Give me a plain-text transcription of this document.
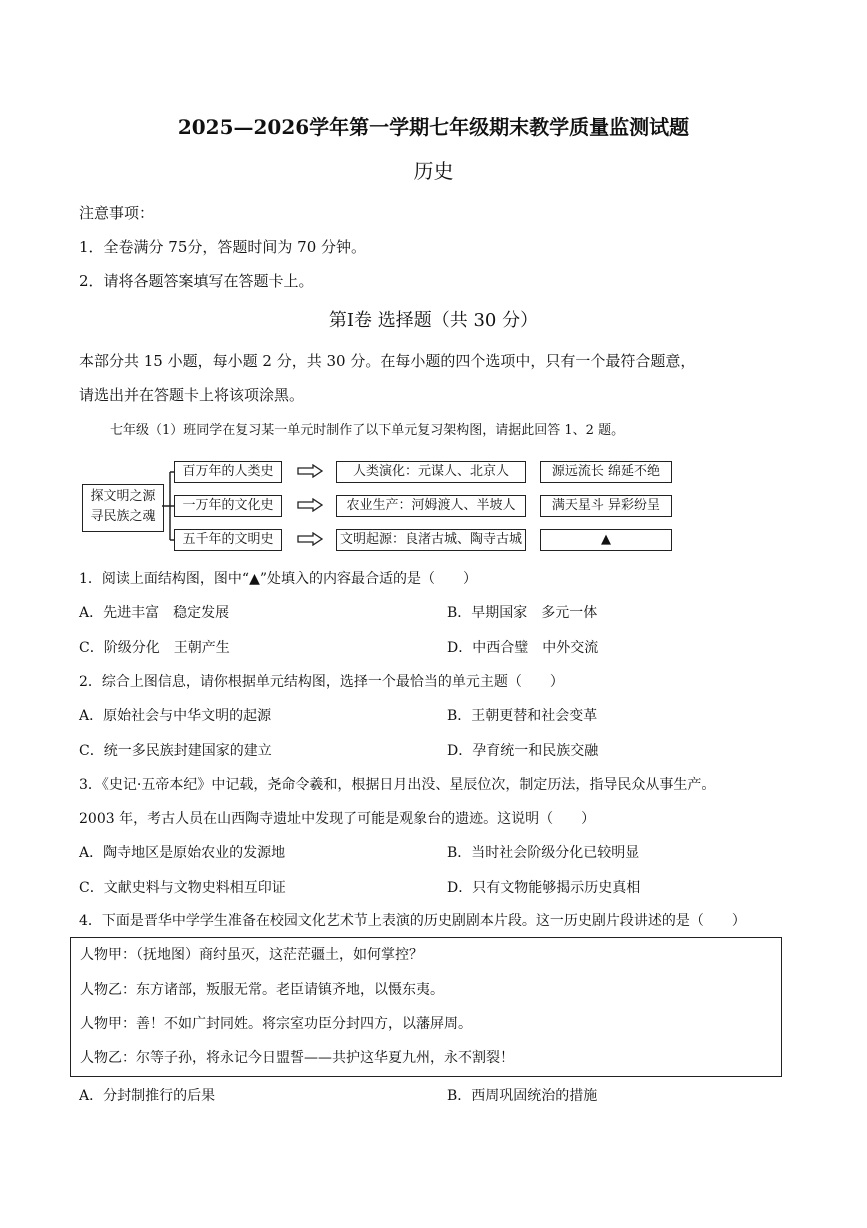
2025—2026学年第一学期七年级期末教学质量监测试题
历史
注意事项：
1．全卷满分 75分，答题时间为 70 分钟。
2．请将各题答案填写在答题卡上。
第Ⅰ卷 选择题（共 30 分）
本部分共 15 小题，每小题 2 分，共 30 分。在每小题的四个选项中，只有一个最符合题意，
请选出并在答题卡上将该项涂黑。
七年级（1）班同学在复习某一单元时制作了以下单元复习架构图，请据此回答 1、2 题。
探文明之源
寻民族之魂
百万年的人类史	人类演化：元谋人、北京人	源远流长 绵延不绝
一万年的文化史	农业生产：河姆渡人、半坡人	满天星斗 异彩纷呈
五千年的文明史	文明起源：良渚古城、陶寺古城	▲
1．阅读上面结构图，图中“▲”处填入的内容最合适的是（　　）
A．先进丰富　稳定发展	B．早期国家　多元一体
C．阶级分化　王朝产生	D．中西合璧　中外交流
2．综合上图信息，请你根据单元结构图，选择一个最恰当的单元主题（　　）
A．原始社会与中华文明的起源	B．王朝更替和社会变革
C．统一多民族封建国家的建立	D．孕育统一和民族交融
3．《史记·五帝本纪》中记载，尧命令羲和，根据日月出没、星辰位次，制定历法，指导民众从事生产。
2003 年，考古人员在山西陶寺遗址中发现了可能是观象台的遗迹。这说明（　　）
A．陶寺地区是原始农业的发源地	B．当时社会阶级分化已较明显
C．文献史料与文物史料相互印证	D．只有文物能够揭示历史真相
4．下面是晋华中学学生准备在校园文化艺术节上表演的历史剧剧本片段。这一历史剧片段讲述的是（　　）
人物甲：（抚地图）商纣虽灭，这茫茫疆土，如何掌控？
人物乙：东方诸部，叛服无常。老臣请镇齐地，以慑东夷。
人物甲：善！不如广封同姓。将宗室功臣分封四方，以藩屏周。
人物乙：尔等子孙，将永记今日盟誓——共护这华夏九州，永不割裂！
A．分封制推行的后果	B．西周巩固统治的措施
